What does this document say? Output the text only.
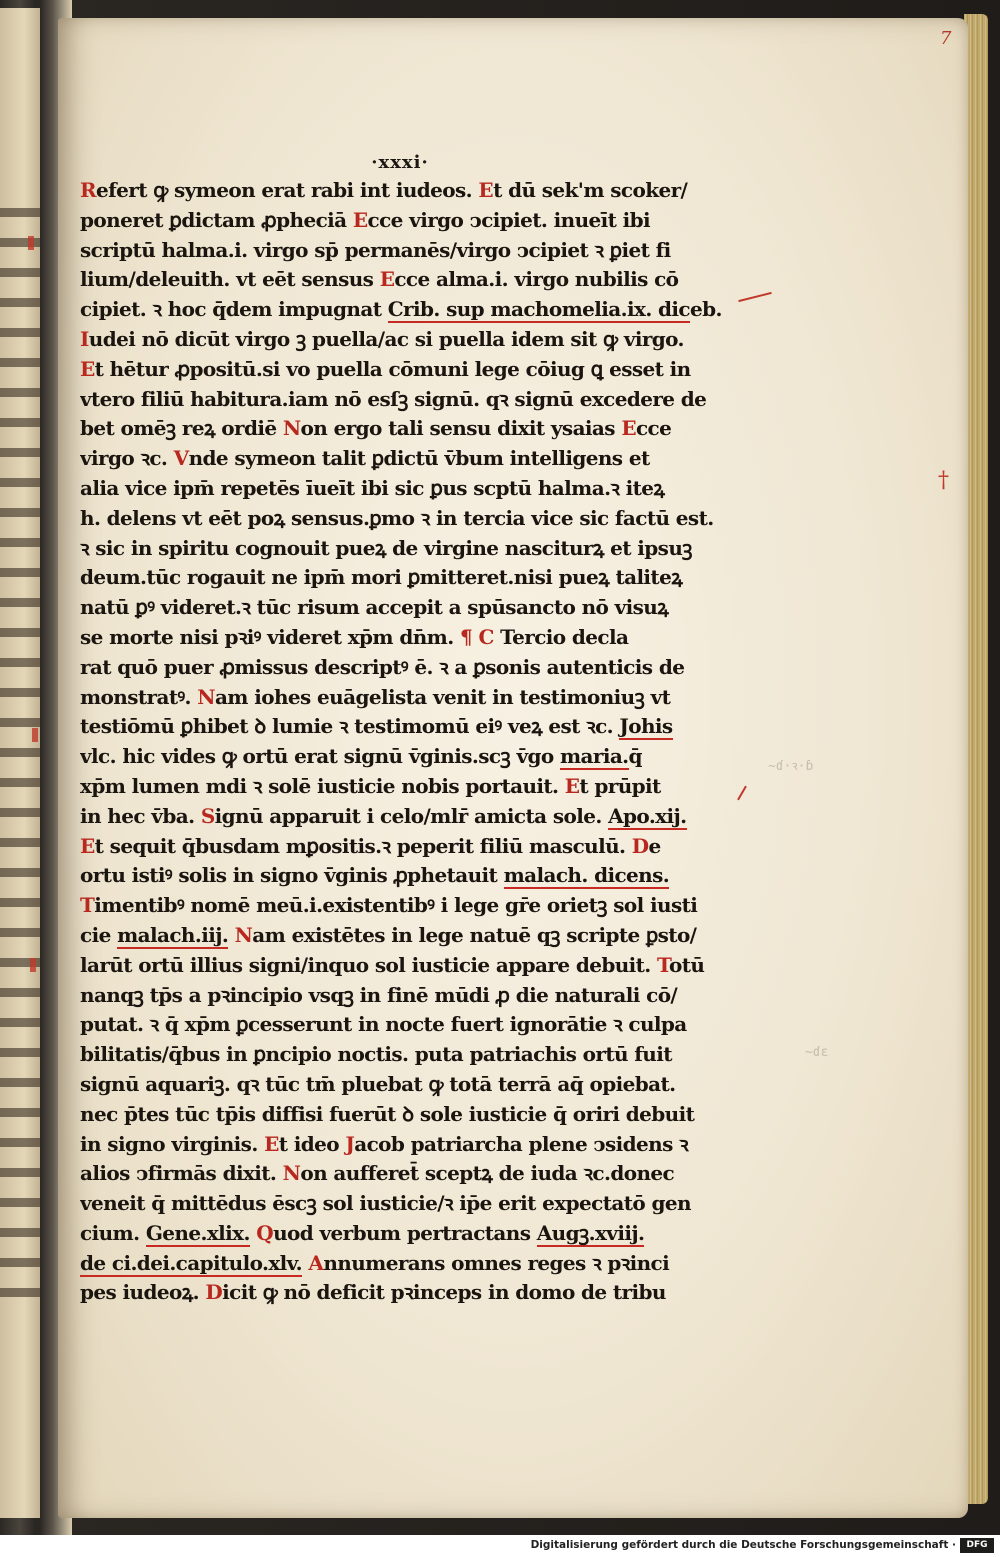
7
†
~ɗ·ꝛ·ɓ
~ɗɛ
·xxxi·
Refert ꝙ symeon erat rabi int iudeos. Et dū sek'm scoker/
poneret ꝑdictam ꝓpheciā Ecce virgo ↄcipiet. inueīt ibi
scriptū halma.i. virgo sp̄ permanēs/virgo ↄcipiet ꝛ ꝑiet fi
lium/deleuith. vt eēt sensus Ecce alma.i. virgo nubilis cō
cipiet. ꝛ hoc q̄dem impugnat Crib. sup machomelia.ix. diceb.
Iudei nō dicūt virgo ꝫ puella/ac si puella idem sit ꝙ virgo.
Et hētur ꝓpositū.si vo puella cōmuni lege cōiug ꝗ esset in
vtero filiū habitura.iam nō esſꝫ signū. qꝛ signū excedere de
bet omēꝫ reꝝ ordiē Non ergo tali sensu dixit ysaias Ecce
virgo ꝛc. Vnde symeon talit ꝑdictū v̄bum intelligens et
alia vice ipm̄ repetēs īueīt ibi sic ꝑus scptū halma.ꝛ iteꝝ
h. delens vt eēt poꝝ sensus.ꝑmo ꝛ in tercia vice sic factū est.
ꝛ sic in spiritu cognouit pueꝝ de virgine nasciturꝝ et ipsuꝫ
deum.tūc rogauit ne ipm̄ mori ꝑmitteret.nisi pueꝝ taliteꝝ
natū ꝑꝰ videret.ꝛ tūc risum accepit a spūsancto nō visuꝝ
se morte nisi pꝛiꝰ videret xp̄m dn̄m. ¶ C Tercio decla
rat quō puer ꝓmissus descriptꝰ ē. ꝛ a ꝑsonis autenticis de
monstratꝰ. Nam iohes euāgelista venit in testimoniuꝫ vt
testiōmū ꝑhibet ꝺ lumie ꝛ testimomū eiꝰ veꝝ est ꝛc. Johis
vlc. hic vides ꝙ ortū erat signū v̄ginis.scꝫ v̄go maria.q̄
xp̄m lumen mdi ꝛ solē iusticie nobis portauit. Et prūpit
in hec v̄ba. Signū apparuit i celo/mlr̄ amicta sole. Apo.xij.
Et sequit q̄busdam mꝑositis.ꝛ peperit filiū masculū. De
ortu istiꝰ solis in signo v̄ginis ꝓphetauit malach. dicens.
Timentibꝰ nomē meū.i.existentibꝰ i lege gr̄e orietꝫ sol iusti
cie malach.iij. Nam existētes in lege natuē qꝫ scripte ꝑsto/
larūt ortū illius signi/inquo sol iusticie appare debuit. Totū
nanqꝫ tp̄s a pꝛincipio vsqꝫ in finē mūdi ꝓ die naturali cō/
putat. ꝛ q̄ xp̄m ꝑcesserunt in nocte fuert ignorātie ꝛ culpa
bilitatis/q̄bus in ꝑncipio noctis. puta patriachis ortū fuit
signū aquariꝫ. qꝛ tūc tm̄ pluebat ꝙ totā terrā aq̄ opiebat.
nec p̄tes tūc tp̄is diffisi fuerūt ꝺ sole iusticie q̄ oriri debuit
in signo virginis. Et ideo Jacob patriarcha plene ↄsidens ꝛ
alios ↄfirmās dixit. Non aufferet̄ sceptꝝ de iuda ꝛc.donec
veneit q̄ mittēdus ēscꝫ sol iusticie/ꝛ ip̄e erit expectatō gen
cium. Gene.xlix. Quod verbum pertractans Augꝫ.xviij.
de ci.dei.capitulo.xlv. Annumerans omnes reges ꝛ pꝛinci
pes iudeoꝝ. Dicit ꝙ nō deficit pꝛinceps in domo de tribu
Digitalisierung gefördert durch die Deutsche Forschungsgemeinschaft ·	DFG
